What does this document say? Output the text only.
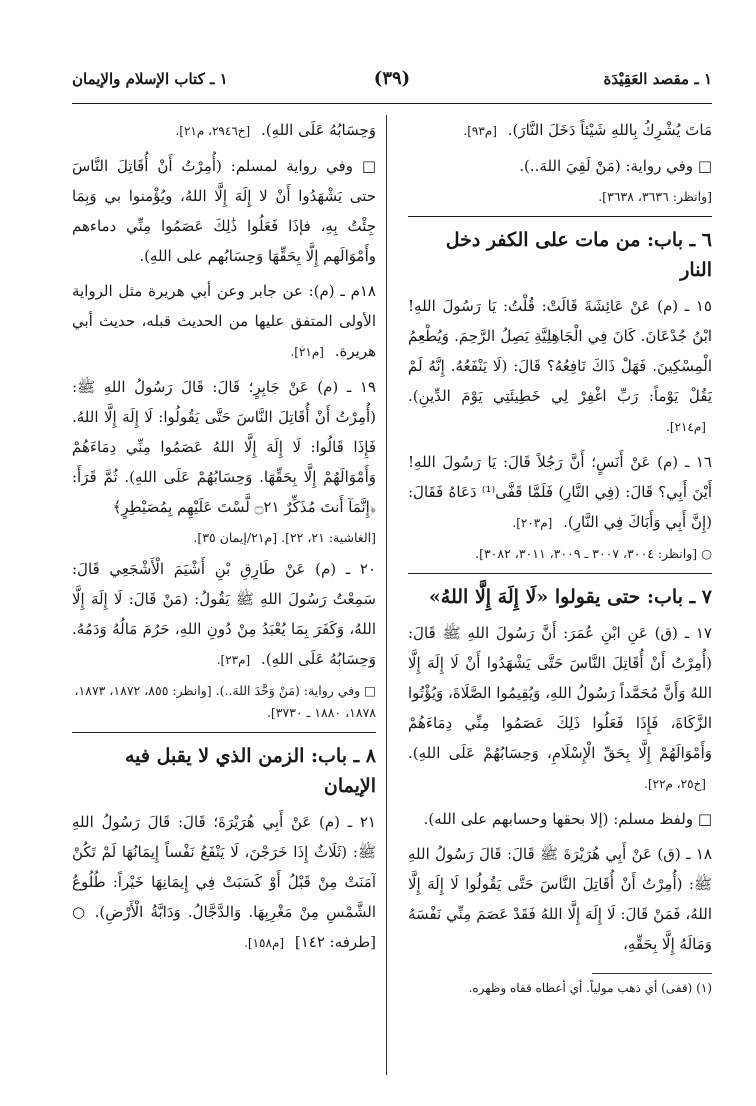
١ ـ مقصد العَقِيْدَة
(٣٩)
١ ـ كتاب الإسلام والإيمان
مَاتَ يُشْرِكُ بِاللهِ شَيْئاً دَخَلَ النَّارَ). [م٩٣].
□ وفي رواية: (مَنْ لَقِيَ اللهَ..).
[وانظر: ٣٦٣٦، ٣٦٣٨].
٦ ـ باب: من مات على الكفر دخل النار
١٥ ـ (م) عَنْ عَائِشَةَ قَالَتْ: قُلْتُ: يَا رَسُولَ اللهِ! ابْنُ جُدْعَانَ. كَانَ فِي الْجَاهِلِيَّةِ يَصِلُ الرَّحِمَ. وَيُطْعِمُ الْمِسْكِينَ. فَهَلْ ذَاكَ نَافِعُهُ؟ قَالَ: (لَا يَنْفَعُهُ. إِنَّهُ لَمْ يَقُلْ يَوْماً: رَبِّ اغْفِرْ لِي خَطِيئَتِي يَوْمَ الدِّينِ). [م٢١٤].
١٦ ـ (م) عَنْ أَنَسٍ؛ أَنَّ رَجُلاً قَالَ: يَا رَسُولَ اللهِ! أَيْنَ أَبِي؟ قَالَ: (فِي النَّارِ) فَلَمَّا قَفَّى⁽¹⁾ دَعَاهُ فَقَالَ: (إِنَّ أَبِي وَأَبَاكَ فِي النَّارِ). [م٢٠٣].
○ [وانظر: ٣٠٠٤، ٣٠٠٧ ـ ٣٠٠٩، ٣٠١١، ٣٠٨٢].
٧ ـ باب: حتى يقولوا «لَا إِلَهَ إِلَّا اللهُ»
١٧ ـ (ق) عَنِ ابْنِ عُمَرَ: أَنَّ رَسُولَ اللهِ ﷺ قَالَ: (أُمِرْتُ أَنْ أُقَاتِلَ النَّاسَ حَتَّى يَشْهَدُوا أَنْ لَا إِلَهَ إِلَّا اللهُ وَأَنَّ مُحَمَّداً رَسُولُ اللهِ، وَيُقِيمُوا الصَّلَاةَ، وَيُؤْتُوا الزَّكَاةَ، فَإِذَا فَعَلُوا ذَلِكَ عَصَمُوا مِنِّي دِمَاءَهُمْ وَأَمْوَالَهُمْ إِلَّا بِحَقِّ الْإِسْلَامِ، وَحِسَابُهُمْ عَلَى اللهِ). [خ٢٥، م٢٢].
□ ولفظ مسلم: (إلا بحقها وحسابهم على الله).
١٨ ـ (ق) عَنْ أَبِي هُرَيْرَةَ ﷺ قَالَ: قَالَ رَسُولُ اللهِ ﷺ: (أُمِرْتُ أَنْ أُقَاتِلَ النَّاسَ حَتَّى يَقُولُوا لَا إِلَهَ إِلَّا اللهُ، فَمَنْ قَالَ: لَا إِلَهَ إِلَّا اللهُ فَقَدْ عَصَمَ مِنِّي نَفْسَهُ وَمَالَهُ إِلَّا بِحَقِّهِ،
(١) (قفى) أي ذهب مولياً. أي أعطاه قفاه وظهره.
وَحِسَابُهُ عَلَى اللهِ). [خ٢٩٤٦، م٢١].
□ وفي رواية لمسلم: (أُمِرْتُ أَنْ أُقَاتِلَ النَّاسَ حتى يَشْهَدُوا أَنْ لا إِلَهَ إِلَّا اللهُ، ويُؤْمنوا بي وَبِمَا جِئْتُ بِهِ، فإذَا فَعَلُوا ذَٰلِكَ عَصَمُوا مِنِّي دماءهم وأَمْوَالَهم إِلَّا بِحَقِّهَا وَحِسَابُهم على اللهِ).
١٨م ـ (م): عن جابر وعن أبي هريرة مثل الرواية الأولى المتفق عليها من الحديث قبله، حديث أبي هريرة. [م٢١].
١٩ ـ (م) عَنْ جَابِرٍ؛ قَالَ: قَالَ رَسُولُ اللهِ ﷺ: (أُمِرْتُ أَنْ أُقَاتِلَ النَّاسَ حَتَّى يَقُولُوا: لَا إِلَهَ إِلَّا اللهُ. فَإِذَا قَالُوا: لَا إِلَهَ إِلَّا اللهُ عَصَمُوا مِنِّي دِمَاءَهُمْ وَأَمْوَالَهُمْ إِلَّا بِحَقِّهَا. وَحِسَابُهُمْ عَلَى اللهِ). ثُمَّ قَرَأَ: ﴿إِنَّمَآ أَنتَ مُذَكِّرٌ ۝٢١ لَّسْتَ عَلَيْهِم بِمُصَيْطِرٍ﴾
[الغاشية: ٢١، ٢٢]. [م٢١/إيمان ٣٥].
٢٠ ـ (م) عَنْ طَارِقِ بْنِ أَشْيَمَ الْأَشْجَعِي قَالَ: سَمِعْتُ رَسُولَ اللهِ ﷺ يَقُولُ: (مَنْ قَالَ: لَا إِلَهَ إِلَّا اللهُ، وَكَفَرَ بِمَا يُعْبَدُ مِنْ دُونِ اللهِ، حَرُمَ مَالُهُ وَدَمُهُ. وَحِسَابُهُ عَلَى اللهِ). [م٢٣].
□ وفي رواية: (مَنْ وَحَّدَ اللهَ..). [وانظر: ٨٥٥، ١٨٧٢، ١٨٧٣، ١٨٧٨، ١٨٨٠ ـ ٣٧٣٠].
٨ ـ باب: الزمن الذي لا يقبل فيه الإيمان
٢١ ـ (م) عَنْ أَبِي هُرَيْرَةَ؛ قَالَ: قَالَ رَسُولُ اللهِ ﷺ: (ثَلَاثٌ إِذَا خَرَجْنَ، لَا يَنْفَعُ نَفْساً إِيمَانُهَا لَمْ تَكُنْ آمَنَتْ مِنْ قَبْلُ أَوْ كَسَبَتْ فِي إِيمَانِهَا خَيْراً: طُلُوعُ الشَّمْسِ مِنْ مَغْرِبِهَا. وَالدَّجَّالُ. وَدَابَّةُ الْأَرْضِ). ○ [طرفه: ١٤٢] [م١٥٨].
